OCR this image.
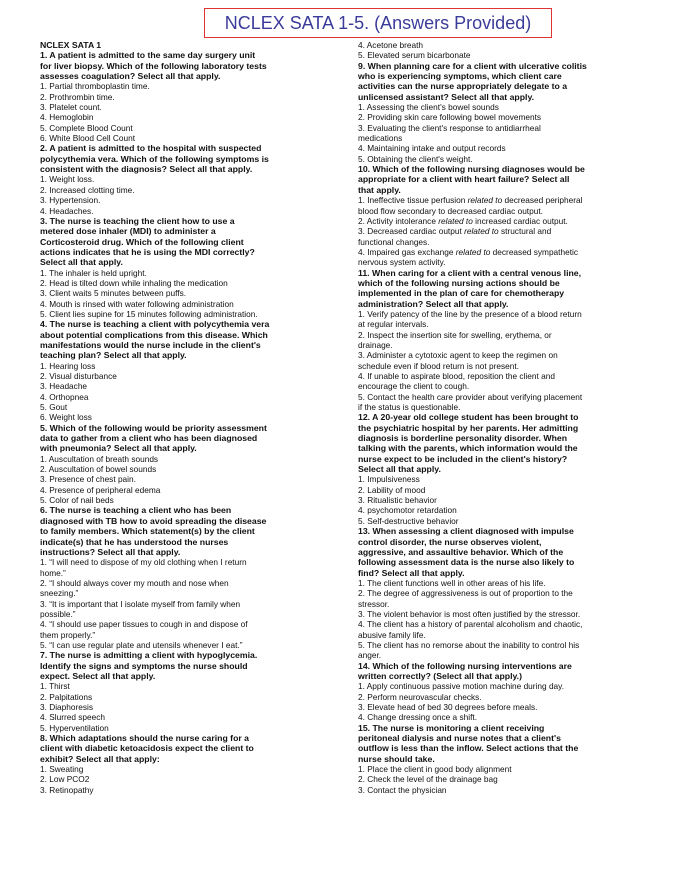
NCLEX SATA 1-5. (Answers Provided)
NCLEX SATA 1
1. A patient is admitted to the same day surgery unit
for liver biopsy. Which of the following laboratory tests
assesses coagulation? Select all that apply.
1. Partial thromboplastin time.
2. Prothrombin time.
3. Platelet count.
4. Hemoglobin
5. Complete Blood Count
6. White Blood Cell Count
2. A patient is admitted to the hospital with suspected
polycythemia vera. Which of the following symptoms is
consistent with the diagnosis? Select all that apply.
1. Weight loss.
2. Increased clotting time.
3. Hypertension.
4. Headaches.
3. The nurse is teaching the client how to use a
metered dose inhaler (MDI) to administer a
Corticosteroid drug. Which of the following client
actions indicates that he is using the MDI correctly?
Select all that apply.
1. The inhaler is held upright.
2. Head is tilted down while inhaling the medication
3. Client waits 5 minutes between puffs.
4. Mouth is rinsed with water following administration
5. Client lies supine for 15 minutes following administration.
4. The nurse is teaching a client with polycythemia vera
about potential complications from this disease. Which
manifestations would the nurse include in the client's
teaching plan? Select all that apply.
1. Hearing loss
2. Visual disturbance
3. Headache
4. Orthopnea
5. Gout
6. Weight loss
5. Which of the following would be priority assessment
data to gather from a client who has been diagnosed
with pneumonia? Select all that apply.
1. Auscultation of breath sounds
2. Auscultation of bowel sounds
3. Presence of chest pain.
4. Presence of peripheral edema
5. Color of nail beds
6. The nurse is teaching a client who has been
diagnosed with TB how to avoid spreading the disease
to family members. Which statement(s) by the client
indicate(s) that he has understood the nurses
instructions? Select all that apply.
1. “I will need to dispose of my old clothing when I return
home.”
2. “I should always cover my mouth and nose when
sneezing.”
3. “It is important that I isolate myself from family when
possible.”
4. “I should use paper tissues to cough in and dispose of
them properly.”
5. “I can use regular plate and utensils whenever I eat.”
7. The nurse is admitting a client with hypoglycemia.
Identify the signs and symptoms the nurse should
expect. Select all that apply.
1. Thirst
2. Palpitations
3. Diaphoresis
4. Slurred speech
5. Hyperventilation
8. Which adaptations should the nurse caring for a
client with diabetic ketoacidosis expect the client to
exhibit? Select all that apply:
1. Sweating
2. Low PCO2
3. Retinopathy
4. Acetone breath
5. Elevated serum bicarbonate
9. When planning care for a client with ulcerative colitis
who is experiencing symptoms, which client care
activities can the nurse appropriately delegate to a
unlicensed assistant? Select all that apply.
1. Assessing the client's bowel sounds
2. Providing skin care following bowel movements
3. Evaluating the client's response to antidiarrheal
medications
4. Maintaining intake and output records
5. Obtaining the client's weight.
10. Which of the following nursing diagnoses would be
appropriate for a client with heart failure? Select all
that apply.
1. Ineffective tissue perfusion related to decreased peripheral
blood flow secondary to decreased cardiac output.
2. Activity intolerance related to increased cardiac output.
3. Decreased cardiac output related to structural and
functional changes.
4. Impaired gas exchange related to decreased sympathetic
nervous system activity.
11. When caring for a client with a central venous line,
which of the following nursing actions should be
implemented in the plan of care for chemotherapy
administration? Select all that apply.
1. Verify patency of the line by the presence of a blood return
at regular intervals.
2. Inspect the insertion site for swelling, erythema, or
drainage.
3. Administer a cytotoxic agent to keep the regimen on
schedule even if blood return is not present.
4. If unable to aspirate blood, reposition the client and
encourage the client to cough.
5. Contact the health care provider about verifying placement
if the status is questionable.
12. A 20-year old college student has been brought to
the psychiatric hospital by her parents. Her admitting
diagnosis is borderline personality disorder. When
talking with the parents, which information would the
nurse expect to be included in the client's history?
Select all that apply.
1. Impulsiveness
2. Lability of mood
3. Ritualistic behavior
4. psychomotor retardation
5. Self-destructive behavior
13. When assessing a client diagnosed with impulse
control disorder, the nurse observes violent,
aggressive, and assaultive behavior. Which of the
following assessment data is the nurse also likely to
find? Select all that apply.
1. The client functions well in other areas of his life.
2. The degree of aggressiveness is out of proportion to the
stressor.
3. The violent behavior is most often justified by the stressor.
4. The client has a history of parental alcoholism and chaotic,
abusive family life.
5. The client has no remorse about the inability to control his
anger.
14. Which of the following nursing interventions are
written correctly? (Select all that apply.)
1. Apply continuous passive motion machine during day.
2. Perform neurovascular checks.
3. Elevate head of bed 30 degrees before meals.
4. Change dressing once a shift.
15. The nurse is monitoring a client receiving
peritoneal dialysis and nurse notes that a client's
outflow is less than the inflow. Select actions that the
nurse should take.
1. Place the client in good body alignment
2. Check the level of the drainage bag
3. Contact the physician
